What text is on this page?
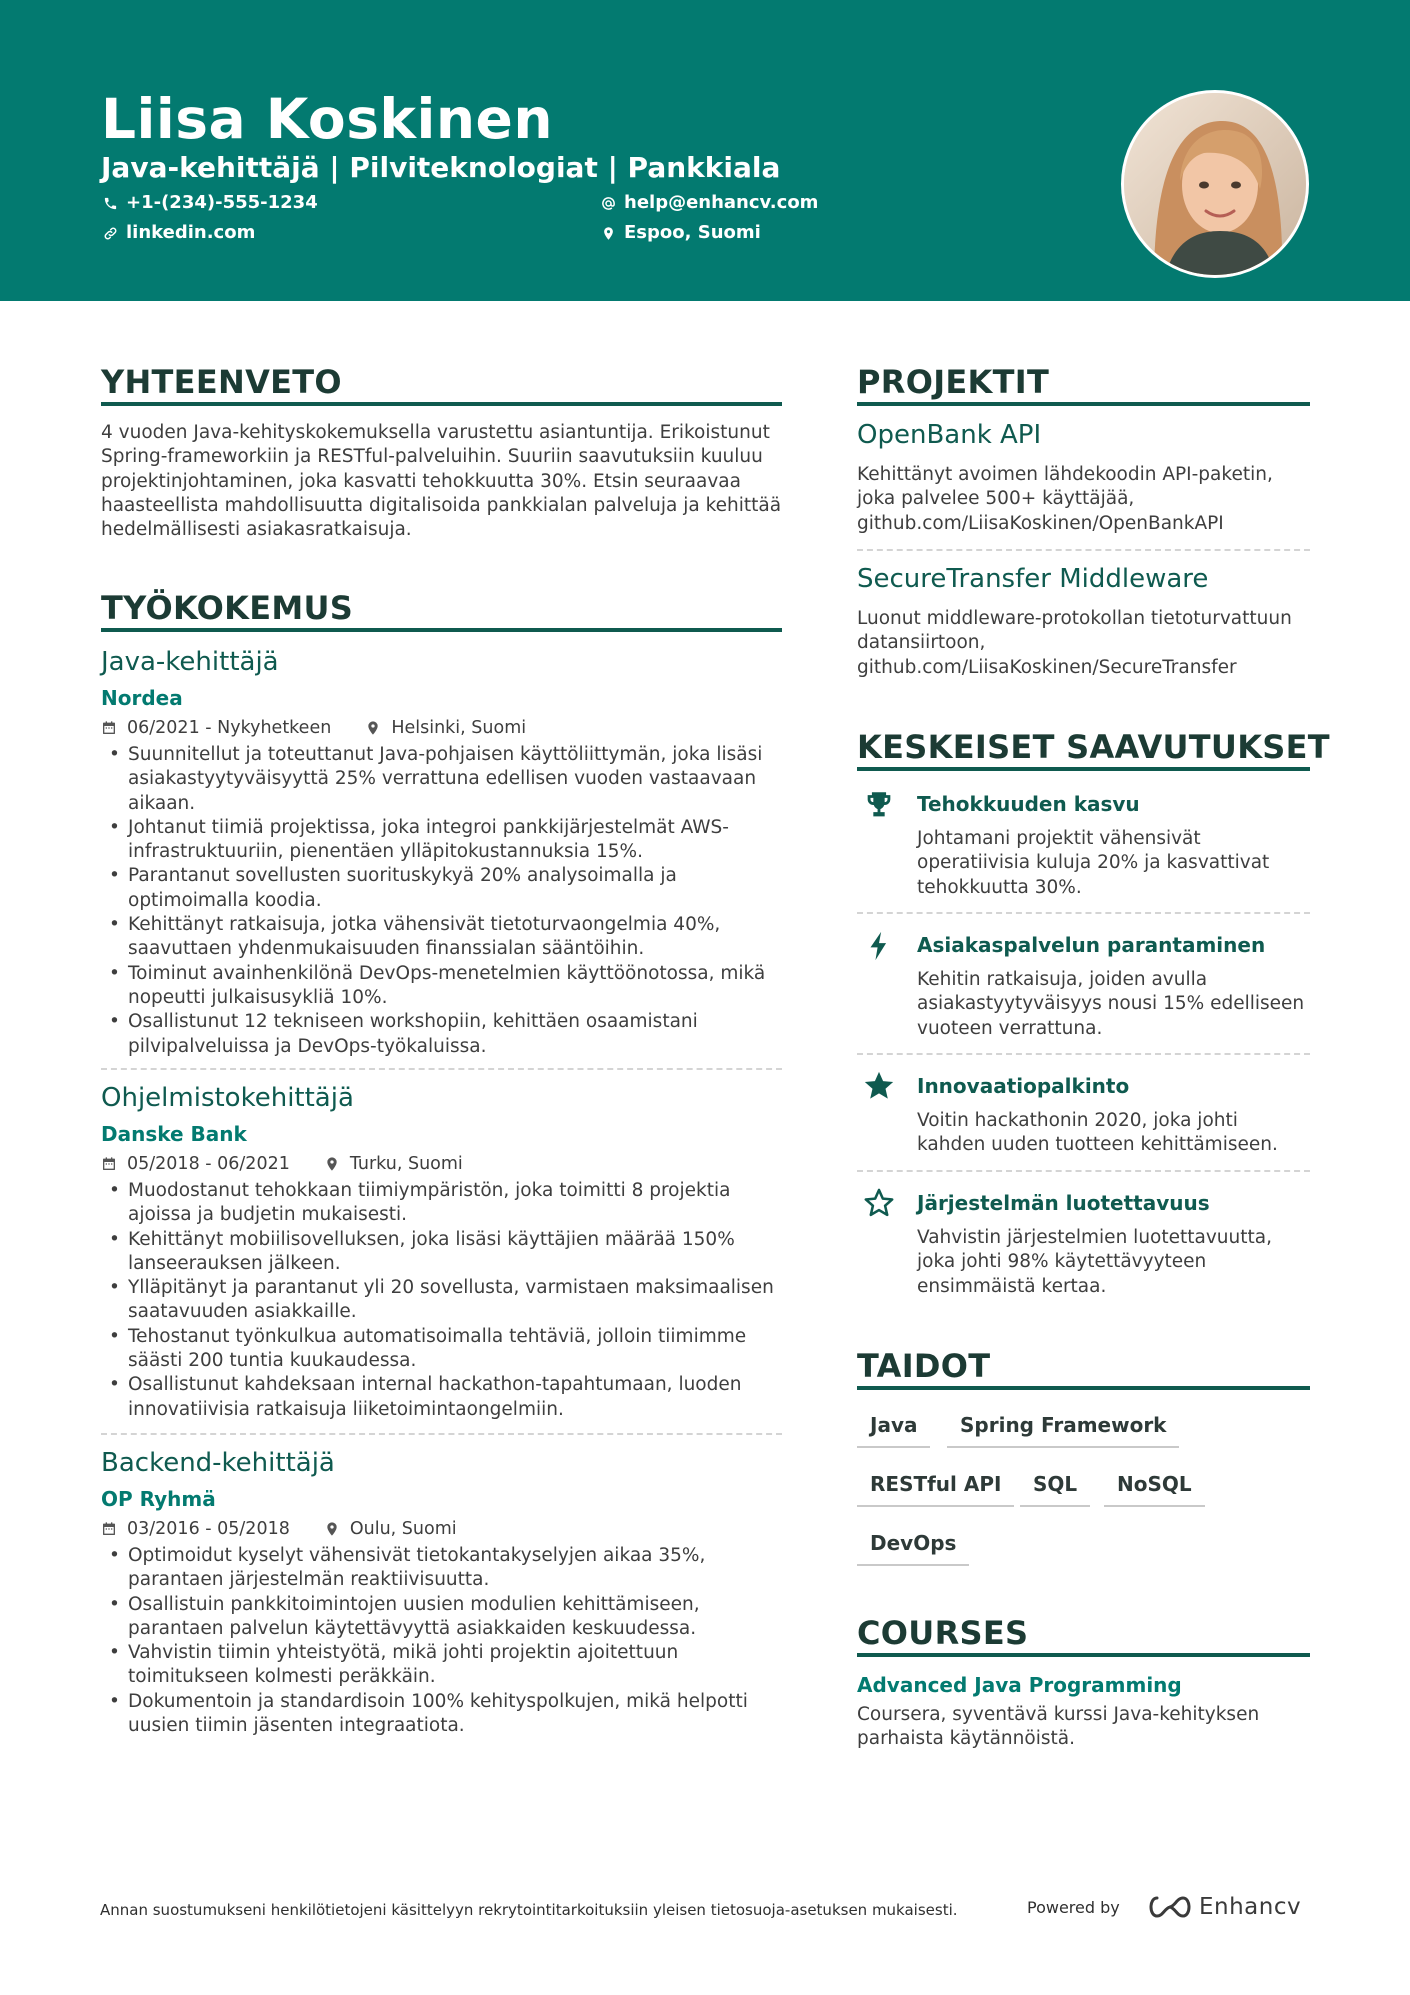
Liisa Koskinen
Java-kehittäjä | Pilviteknologiat | Pankkiala
+1-(234)-555-1234	help@enhancv.com
linkedin.com	Espoo, Suomi
YHTEENVETO
4 vuoden Java-kehityskokemuksella varustettu asiantuntija. Erikoistunut Spring-frameworkiin ja RESTful-palveluihin. Suuriin saavutuksiin kuuluu projektinjohtaminen, joka kasvatti tehokkuutta 30%. Etsin seuraavaa haasteellista mahdollisuutta digitalisoida pankkialan palveluja ja kehittää hedelmällisesti asiakasratkaisuja.
TYÖKOKEMUS
Java-kehittäjä
Nordea
06/2021 - Nykyhetkeen	Helsinki, Suomi
• Suunnitellut ja toteuttanut Java-pohjaisen käyttöliittymän, joka lisäsi asiakastyytyväisyyttä 25% verrattuna edellisen vuoden vastaavaan aikaan.
• Johtanut tiimiä projektissa, joka integroi pankkijärjestelmät AWS-infrastruktuuriin, pienentäen ylläpitokustannuksia 15%.
• Parantanut sovellusten suorituskykyä 20% analysoimalla ja optimoimalla koodia.
• Kehittänyt ratkaisuja, jotka vähensivät tietoturvaongelmia 40%, saavuttaen yhdenmukaisuuden finanssialan sääntöihin.
• Toiminut avainhenkilönä DevOps-menetelmien käyttöönotossa, mikä nopeutti julkaisusykliä 10%.
• Osallistunut 12 tekniseen workshopiin, kehittäen osaamistani pilvipalveluissa ja DevOps-työkaluissa.
Ohjelmistokehittäjä
Danske Bank
05/2018 - 06/2021	Turku, Suomi
• Muodostanut tehokkaan tiimiympäristön, joka toimitti 8 projektia ajoissa ja budjetin mukaisesti.
• Kehittänyt mobiilisovelluksen, joka lisäsi käyttäjien määrää 150% lanseerauksen jälkeen.
• Ylläpitänyt ja parantanut yli 20 sovellusta, varmistaen maksimaalisen saatavuuden asiakkaille.
• Tehostanut työnkulkua automatisoimalla tehtäviä, jolloin tiimimme säästi 200 tuntia kuukaudessa.
• Osallistunut kahdeksaan internal hackathon-tapahtumaan, luoden innovatiivisia ratkaisuja liiketoimintaongelmiin.
Backend-kehittäjä
OP Ryhmä
03/2016 - 05/2018	Oulu, Suomi
• Optimoidut kyselyt vähensivät tietokantakyselyjen aikaa 35%, parantaen järjestelmän reaktiivisuutta.
• Osallistuin pankkitoimintojen uusien modulien kehittämiseen, parantaen palvelun käytettävyyttä asiakkaiden keskuudessa.
• Vahvistin tiimin yhteistyötä, mikä johti projektin ajoitettuun toimitukseen kolmesti peräkkäin.
• Dokumentoin ja standardisoin 100% kehityspolkujen, mikä helpotti uusien tiimin jäsenten integraatiota.
PROJEKTIT
OpenBank API
Kehittänyt avoimen lähdekoodin API-paketin, joka palvelee 500+ käyttäjää, github.com/LiisaKoskinen/OpenBankAPI
SecureTransfer Middleware
Luonut middleware-protokollan tietoturvattuun datansiirtoon, github.com/LiisaKoskinen/SecureTransfer
KESKEISET SAAVUTUKSET
Tehokkuuden kasvu
Johtamani projektit vähensivät operatiivisia kuluja 20% ja kasvattivat tehokkuutta 30%.
Asiakaspalvelun parantaminen
Kehitin ratkaisuja, joiden avulla asiakastyytyväisyys nousi 15% edelliseen vuoteen verrattuna.
Innovaatiopalkinto
Voitin hackathonin 2020, joka johti kahden uuden tuotteen kehittämiseen.
Järjestelmän luotettavuus
Vahvistin järjestelmien luotettavuutta, joka johti 98% käytettävyyteen ensimmäistä kertaa.
TAIDOT
Java	Spring Framework
RESTful API	SQL	NoSQL
DevOps
COURSES
Advanced Java Programming
Coursera, syventävä kurssi Java-kehityksen parhaista käytännöistä.
Annan suostumukseni henkilötietojeni käsittelyyn rekrytointitarkoituksiin yleisen tietosuoja-asetuksen mukaisesti.	Powered by	Enhancv
